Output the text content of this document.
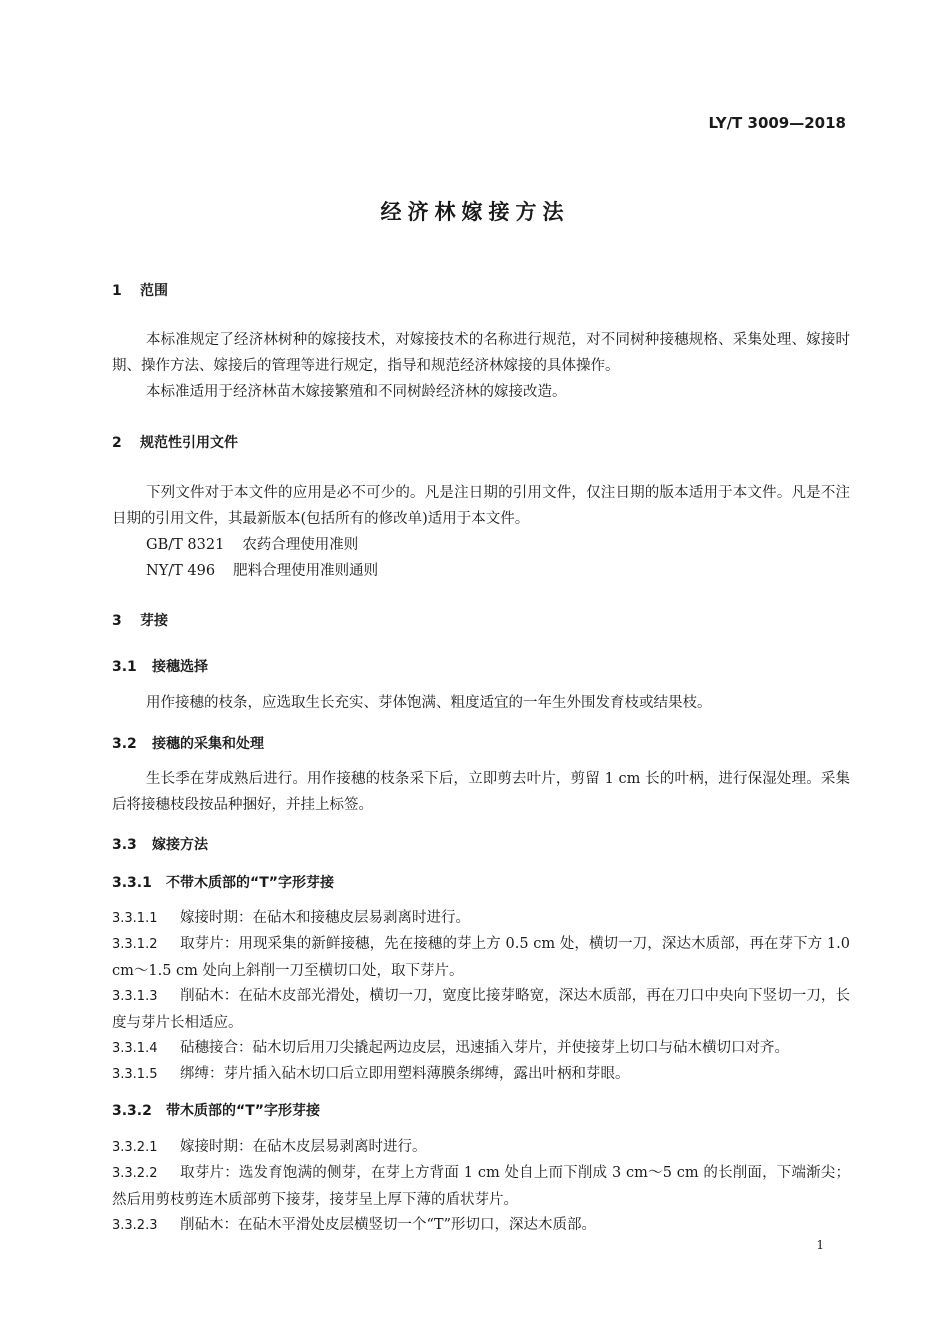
LY/T 3009—2018
经济林嫁接方法
1 范围
本标准规定了经济林树种的嫁接技术，对嫁接技术的名称进行规范，对不同树种接穗规格、采集处理、嫁接时期、操作方法、嫁接后的管理等进行规定，指导和规范经济林嫁接的具体操作。
本标准适用于经济林苗木嫁接繁殖和不同树龄经济林的嫁接改造。
2 规范性引用文件
下列文件对于本文件的应用是必不可少的。凡是注日期的引用文件，仅注日期的版本适用于本文件。凡是不注日期的引用文件，其最新版本(包括所有的修改单)适用于本文件。
GB/T 8321 农药合理使用准则
NY/T 496 肥料合理使用准则通则
3 芽接
3.1 接穗选择
用作接穗的枝条，应选取生长充实、芽体饱满、粗度适宜的一年生外围发育枝或结果枝。
3.2 接穗的采集和处理
生长季在芽成熟后进行。用作接穗的枝条采下后，立即剪去叶片，剪留 1 cm 长的叶柄，进行保湿处理。采集后将接穗枝段按品种捆好，并挂上标签。
3.3 嫁接方法
3.3.1 不带木质部的“T”字形芽接
3.3.1.1 嫁接时期：在砧木和接穗皮层易剥离时进行。
3.3.1.2 取芽片：用现采集的新鲜接穗，先在接穗的芽上方 0.5 cm 处，横切一刀，深达木质部，再在芽下方 1.0 cm～1.5 cm 处向上斜削一刀至横切口处，取下芽片。
3.3.1.3 削砧木：在砧木皮部光滑处，横切一刀，宽度比接芽略宽，深达木质部，再在刀口中央向下竖切一刀，长度与芽片长相适应。
3.3.1.4 砧穗接合：砧木切后用刀尖撬起两边皮层，迅速插入芽片，并使接芽上切口与砧木横切口对齐。
3.3.1.5 绑缚：芽片插入砧木切口后立即用塑料薄膜条绑缚，露出叶柄和芽眼。
3.3.2 带木质部的“T”字形芽接
3.3.2.1 嫁接时期：在砧木皮层易剥离时进行。
3.3.2.2 取芽片：选发育饱满的侧芽，在芽上方背面 1 cm 处自上而下削成 3 cm～5 cm 的长削面，下端渐尖；然后用剪枝剪连木质部剪下接芽，接芽呈上厚下薄的盾状芽片。
3.3.2.3 削砧木：在砧木平滑处皮层横竖切一个“T”形切口，深达木质部。
1
